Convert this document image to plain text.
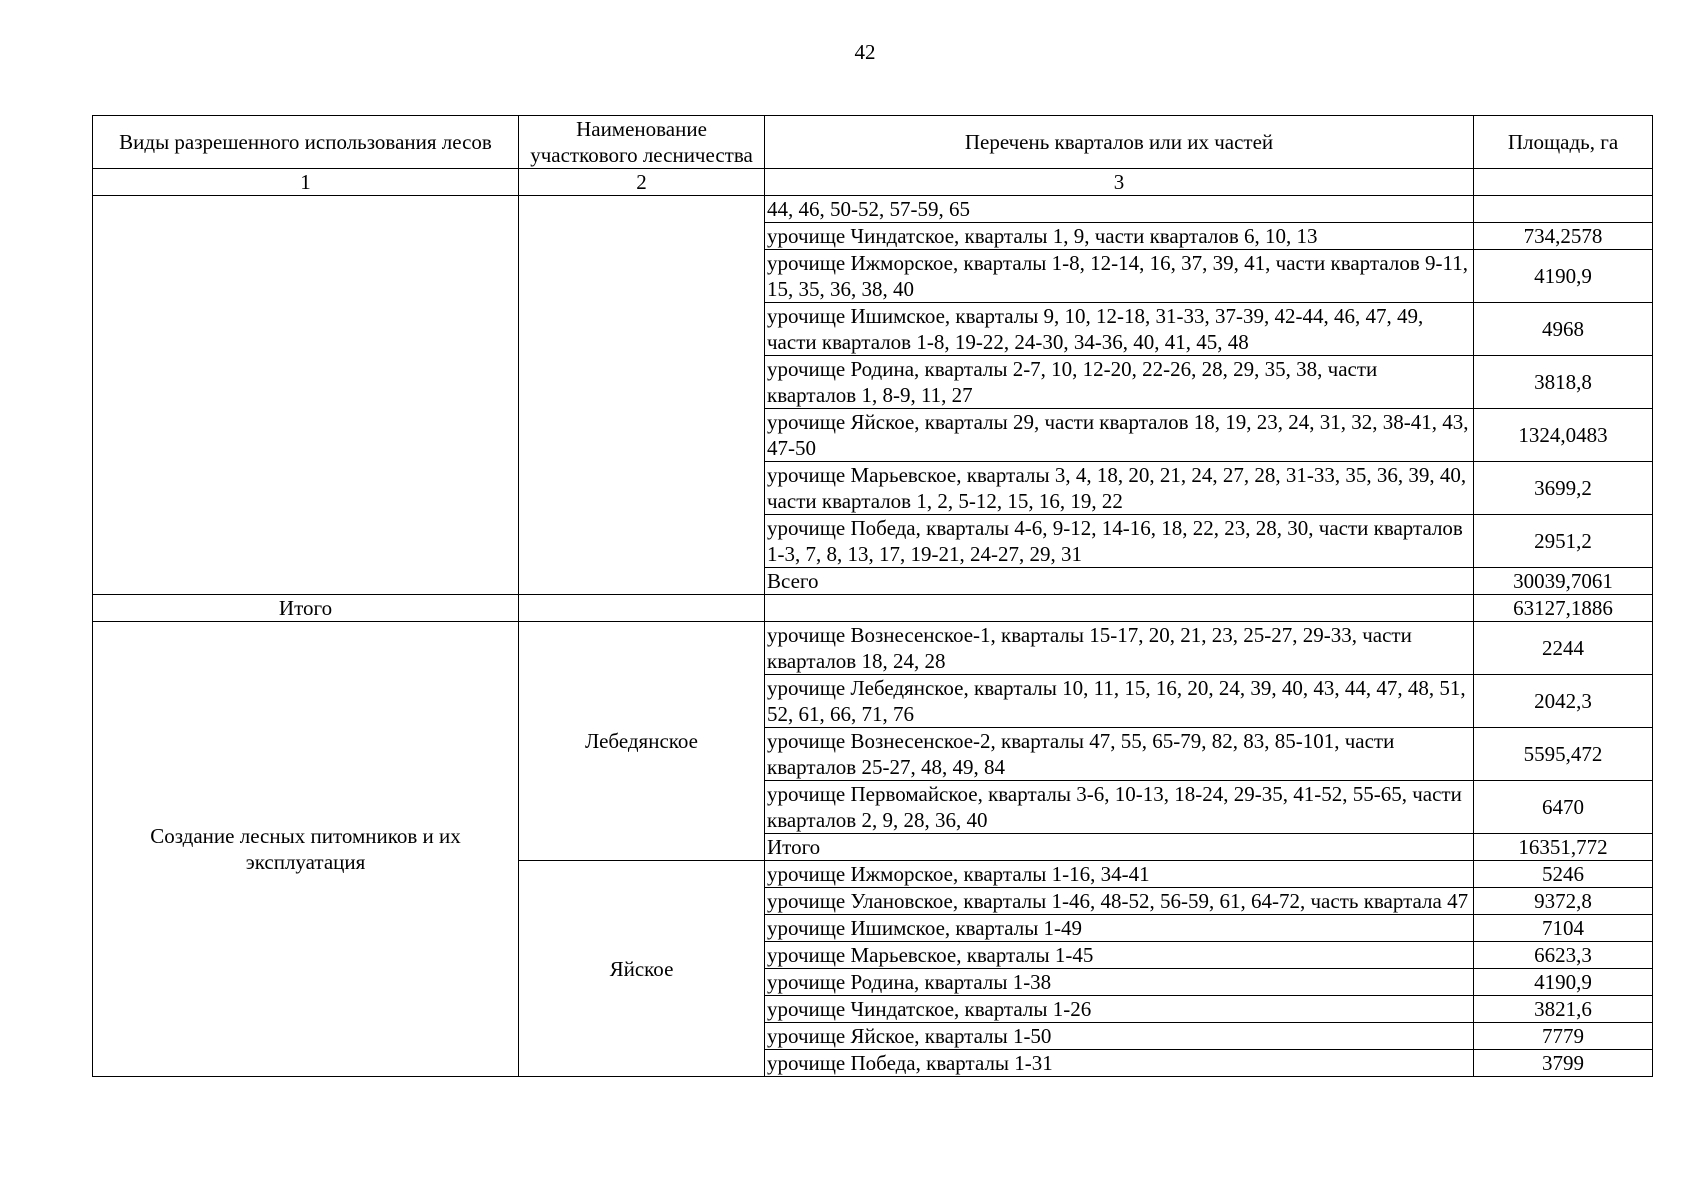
42
Виды разрешенного использования лесов	Наименование участкового лесничества	Перечень кварталов или их частей	Площадь, га
1	2	3	
		44, 46, 50-52, 57-59, 65	
		урочище Чиндатское, кварталы 1, 9, части кварталов 6, 10, 13	734,2578
		урочище Ижморское, кварталы 1-8, 12-14, 16, 37, 39, 41, части кварталов 9-11, 15, 35, 36, 38, 40	4190,9
		урочище Ишимское, кварталы 9, 10, 12-18, 31-33, 37-39, 42-44, 46, 47, 49, части кварталов 1-8, 19-22, 24-30, 34-36, 40, 41, 45, 48	4968
		урочище Родина, кварталы 2-7, 10, 12-20, 22-26, 28, 29, 35, 38, части кварталов 1, 8-9, 11, 27	3818,8
		урочище Яйское, кварталы 29, части кварталов 18, 19, 23, 24, 31, 32, 38-41, 43, 47-50	1324,0483
		урочище Марьевское, кварталы 3, 4, 18, 20, 21, 24, 27, 28, 31-33, 35, 36, 39, 40, части кварталов 1, 2, 5-12, 15, 16, 19, 22	3699,2
		урочище Победа, кварталы 4-6, 9-12, 14-16, 18, 22, 23, 28, 30, части кварталов 1-3, 7, 8, 13, 17, 19-21, 24-27, 29, 31	2951,2
		Всего	30039,7061
Итого			63127,1886
Создание лесных питомников и их эксплуатация	Лебедянское	урочище Вознесенское-1, кварталы 15-17, 20, 21, 23, 25-27, 29-33, части кварталов 18, 24, 28	2244
		урочище Лебедянское, кварталы 10, 11, 15, 16, 20, 24, 39, 40, 43, 44, 47, 48, 51, 52, 61, 66, 71, 76	2042,3
		урочище Вознесенское-2, кварталы 47, 55, 65-79, 82, 83, 85-101, части кварталов 25-27, 48, 49, 84	5595,472
		урочище Первомайское, кварталы 3-6, 10-13, 18-24, 29-35, 41-52, 55-65, части кварталов 2, 9, 28, 36, 40	6470
		Итого	16351,772
	Яйское	урочище Ижморское, кварталы 1-16, 34-41	5246
		урочище Улановское, кварталы 1-46, 48-52, 56-59, 61, 64-72, часть квартала 47	9372,8
		урочище Ишимское, кварталы 1-49	7104
		урочище Марьевское, кварталы 1-45	6623,3
		урочище Родина, кварталы 1-38	4190,9
		урочище Чиндатское, кварталы 1-26	3821,6
		урочище Яйское, кварталы 1-50	7779
		урочище Победа, кварталы 1-31	3799
